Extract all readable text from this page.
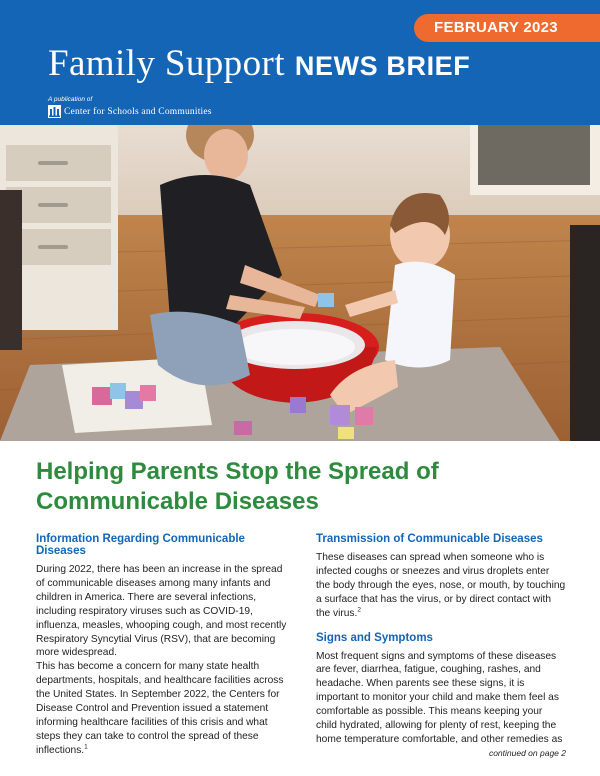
FEBRUARY 2023
Family Support NEWS BRIEF
A publication of
Center for Schools and Communities
Helping Parents Stop the Spread of Communicable Diseases
Information Regarding Communicable Diseases

During 2022, there has been an increase in the spread of communicable diseases among many infants and children in America. There are several infections, including respiratory viruses such as COVID-19, influenza, measles, whooping cough, and most recently Respiratory Syncytial Virus (RSV), that are becoming more widespread.

This has become a concern for many state health departments, hospitals, and healthcare facilities across the United States. In September 2022, the Centers for Disease Control and Prevention issued a statement informing healthcare facilities of this crisis and what steps they can take to control the spread of these inflections.$^1$

Transmission of Communicable Diseases

These diseases can spread when someone who is infected coughs or sneezes and virus droplets enter the body through the eyes, nose, or mouth, by touching a surface that has the virus, or by direct contact with the virus.$^2$

Signs and Symptoms

Most frequent signs and symptoms of these diseases are fever, diarrhea, fatigue, coughing, rashes, and headache. When parents see these signs, it is important to monitor your child and make them feel as comfortable as possible. This means keeping your child hydrated, allowing for plenty of rest, keeping the home temperature comfortable, and other remedies as

continued on page 2
